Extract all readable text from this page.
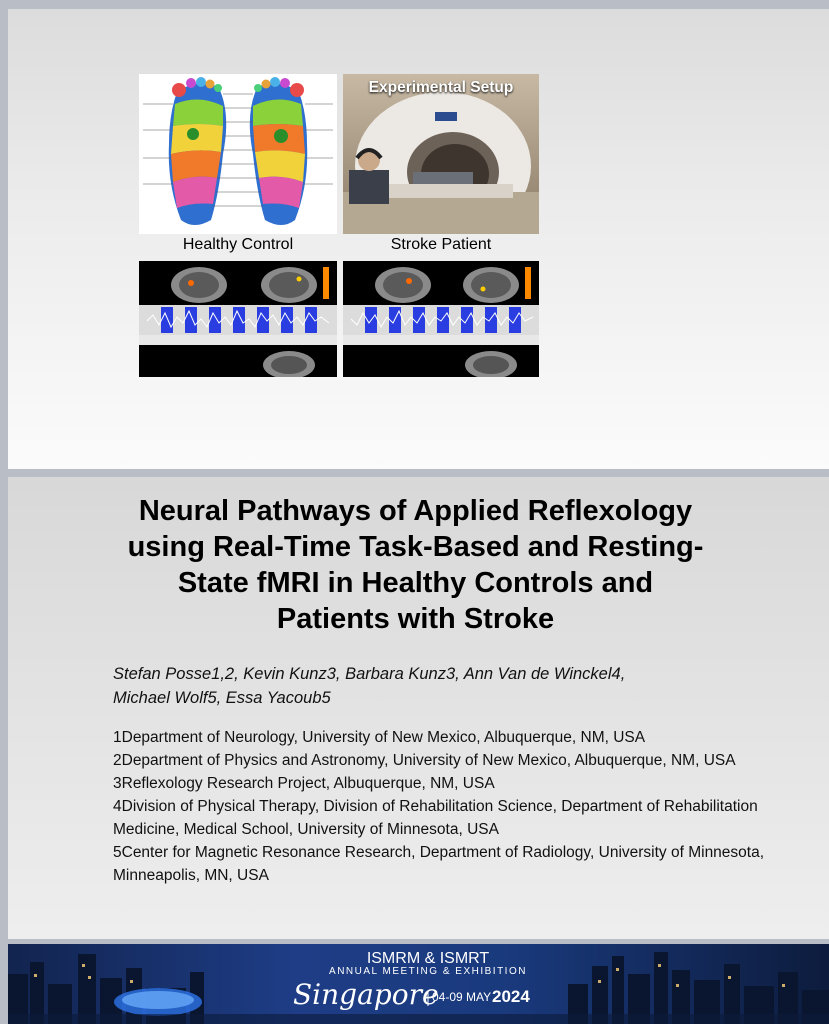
Experimental Setup
Healthy Control	Stroke Patient
Neural Pathways of Applied Reflexology
using Real-Time Task-Based and Resting-
State fMRI in Healthy Controls and
Patients with Stroke
Stefan Posse1,2, Kevin Kunz3, Barbara Kunz3, Ann Van de Winckel4,
Michael Wolf5, Essa Yacoub5
1Department of Neurology, University of New Mexico, Albuquerque, NM, USA
2Department of Physics and Astronomy, University of New Mexico, Albuquerque, NM, USA
3Reflexology Research Project, Albuquerque, NM, USA
4Division of Physical Therapy, Division of Rehabilitation Science, Department of Rehabilitation Medicine, Medical School, University of Minnesota, USA
5Center for Magnetic Resonance Research, Department of Radiology, University of Minnesota, Minneapolis, MN, USA
ISMRM & ISMRT
ANNUAL MEETING & EXHIBITION
Singapore
04-09 MAY 2024
